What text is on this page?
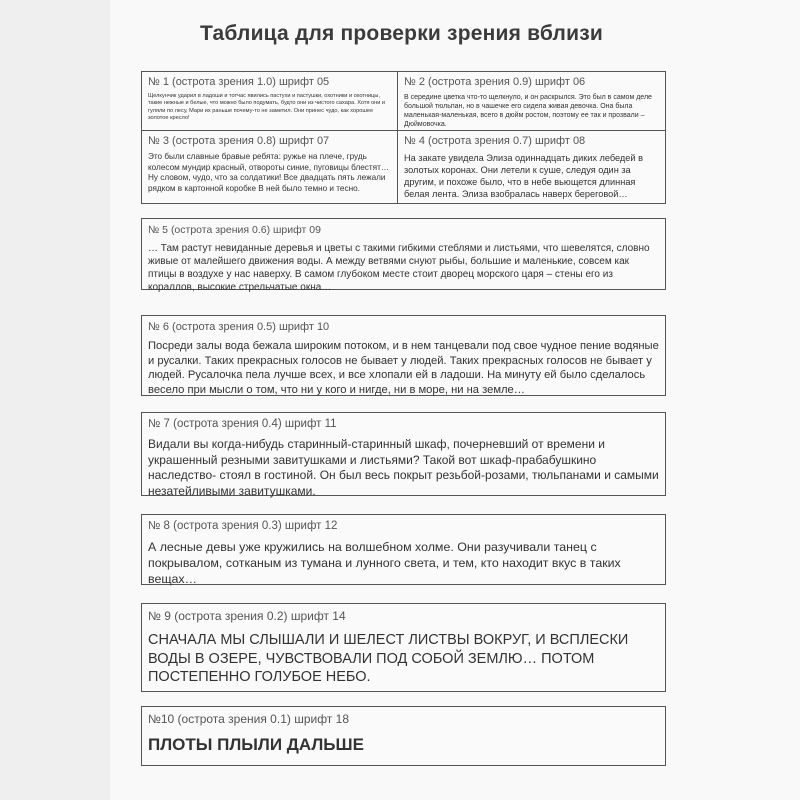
Таблица для проверки зрения вблизи
№ 1 (острота зрения 1.0) шрифт 05
Щелкунчик ударил в ладоши и тотчас явились пастухи и пастушки, охотники и охотницы, такие нежные и белые, что можно было подумать, будто они из чистого сахара. Хотя они и гуляли по лесу, Мари их раньше почему-то не заметил. Они принес чудо, как хорошее золотое кресло!
№ 2 (острота зрения 0.9) шрифт 06
В середине цветка что-то щелкнуло, и он раскрылся. Это был в самом деле большой тюльпан, но в чашечке его сидела живая девочка. Она была маленькая-маленькая, всего в дюйм ростом, поэтому ее так и прозвали – Дюймовочка.
№ 3 (острота зрения 0.8) шрифт 07
Это были славные бравые ребята: ружье на плече, грудь колесом мундир красный, отвороты синие, пуговицы блестят… Ну словом, чудо, что за солдатики! Все двадцать пять лежали рядком в картонной коробке В ней было темно и тесно.
№ 4 (острота зрения 0.7) шрифт 08
На закате увидела Элиза одиннадцать диких лебедей в золотых коронах. Они летели к суше, следуя один за другим, и похоже было, что в небе вьющется длинная белая лента. Элиза взобралась наверх береговой…
№ 5 (острота зрения 0.6) шрифт 09
… Там растут невиданные деревья и цветы с такими гибкими стеблями и листьями, что шевелятся, словно живые от малейшего движения воды. А между ветвями снуют рыбы, большие и маленькие, совсем как птицы в воздухе у нас наверху. В самом глубоком месте стоит дворец морского царя – стены его из кораллов, высокие стрельчатые окна…
№ 6 (острота зрения 0.5) шрифт 10
Посреди залы вода бежала широким потоком, и в нем танцевали под свое чудное пение водяные и русалки. Таких прекрасных голосов не бывает у людей. Таких прекрасных голосов не бывает у людей. Русалочка пела лучше всех, и все хлопали ей в ладоши. На минуту ей было сделалось весело при мысли о том, что ни у кого и нигде, ни в море, ни на земле…
№ 7 (острота зрения 0.4) шрифт 11
Видали вы когда-нибудь старинный-старинный шкаф, почерневший от времени и украшенный резными завитушками и листьями? Такой вот шкаф-прабабушкино наследство- стоял в гостиной. Он был весь покрыт резьбой-розами, тюльпанами и самыми незатейливыми завитушками.
№ 8 (острота зрения 0.3) шрифт 12
А лесные девы уже кружились на волшебном холме. Они разучивали танец с покрывалом, сотканым из тумана и лунного света, и тем, кто находит вкус в таких вещах…
№ 9 (острота зрения 0.2) шрифт 14
СНАЧАЛА МЫ СЛЫШАЛИ И ШЕЛЕСТ ЛИСТВЫ ВОКРУГ, И ВСПЛЕСКИ ВОДЫ В ОЗЕРЕ, ЧУВСТВОВАЛИ ПОД СОБОЙ ЗЕМЛЮ… ПОТОМ ПОСТЕПЕННО ГОЛУБОЕ НЕБО.
№10 (острота зрения 0.1) шрифт 18
ПЛОТЫ ПЛЫЛИ ДАЛЬШЕ
